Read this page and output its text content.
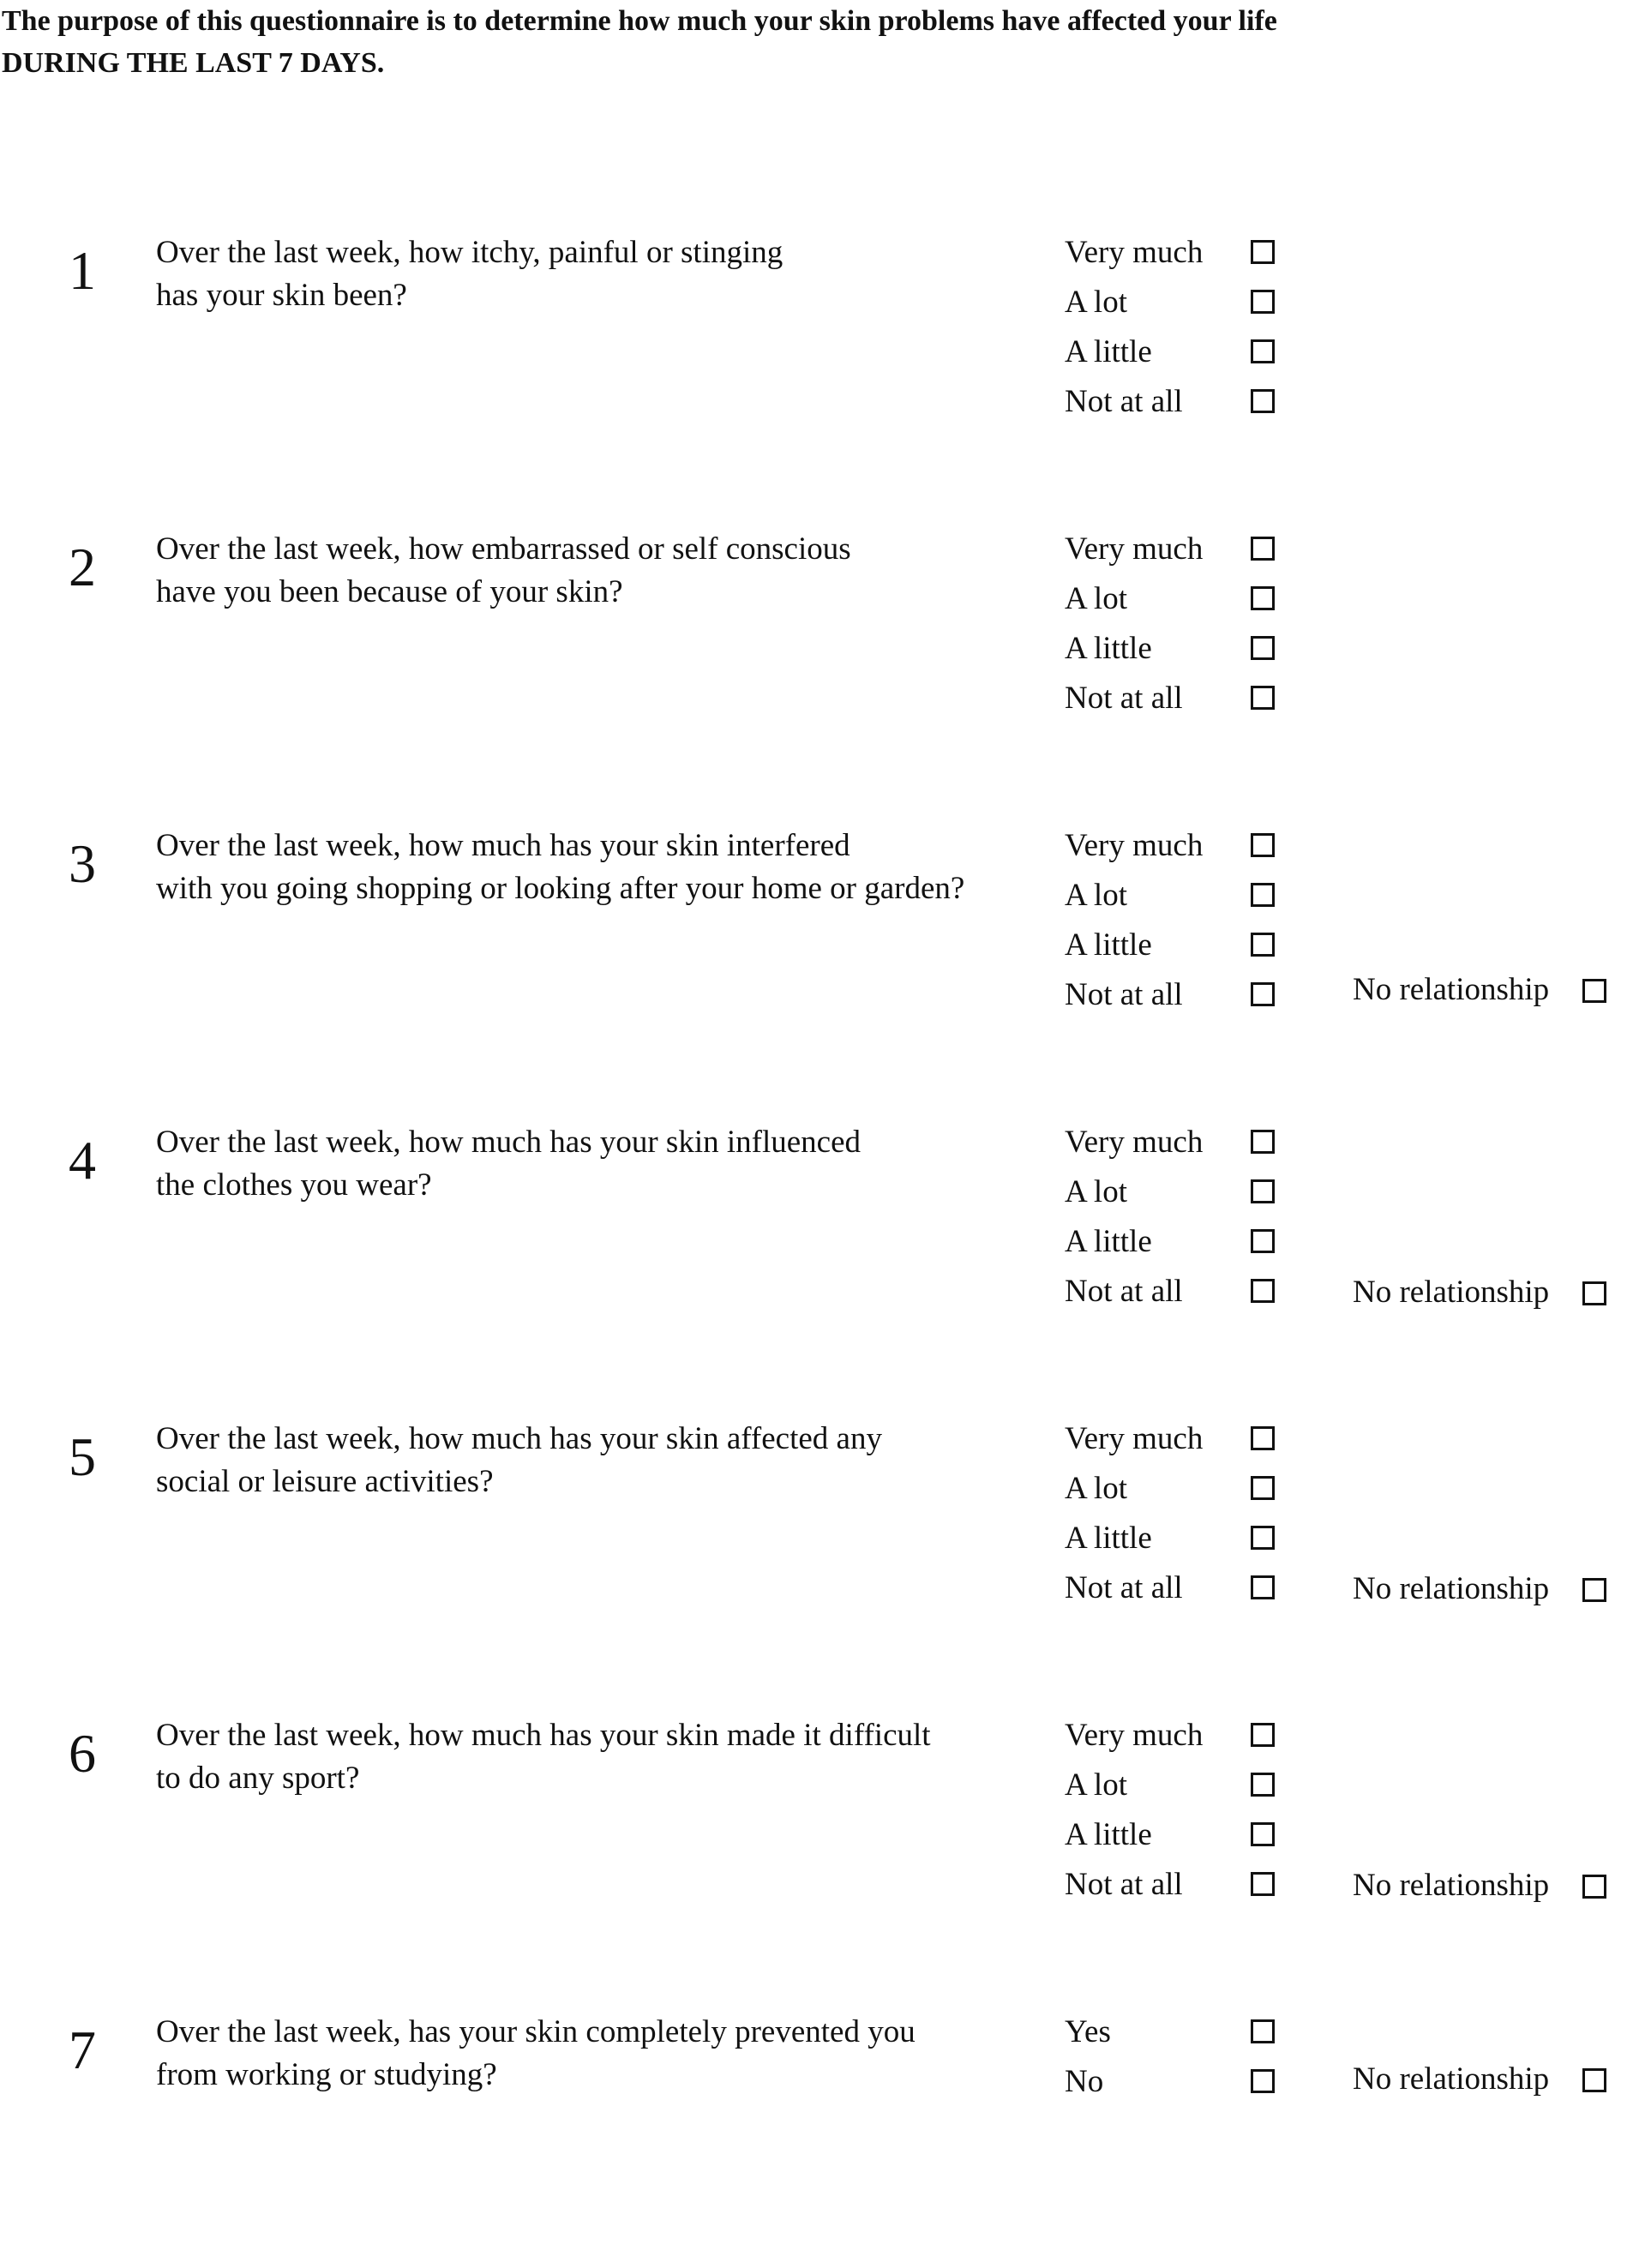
The purpose of this questionnaire is to determine how much your skin problems have affected your life
DURING THE LAST 7 DAYS.
1 Over the last week, how itchy, painful or stinging
has your skin been?
Very much
A lot
A little
Not at all
2 Over the last week, how embarrassed or self conscious
have you been because of your skin?
Very much
A lot
A little
Not at all
3 Over the last week, how much has your skin interfered
with you going shopping or looking after your home or garden?
Very much
A lot
A little
Not at all	No relationship
4 Over the last week, how much has your skin influenced
the clothes you wear?
Very much
A lot
A little
Not at all	No relationship
5 Over the last week, how much has your skin affected any
social or leisure activities?
Very much
A lot
A little
Not at all	No relationship
6 Over the last week, how much has your skin made it difficult
to do any sport?
Very much
A lot
A little
Not at all	No relationship
7 Over the last week, has your skin completely prevented you
from working or studying?
Yes
No	No relationship
